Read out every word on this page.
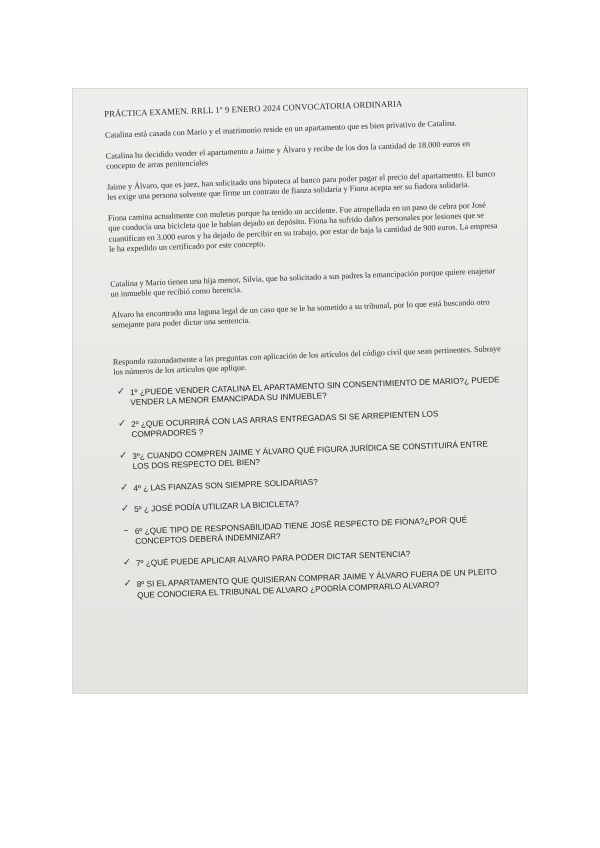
PRÁCTICA EXAMEN. RRLL 1º 9 ENERO 2024 CONVOCATORIA ORDINARIA
Catalina está casada con Mario y el matrimonio reside en un apartamento que es bien privativo de Catalina.
Catalina ha decidido vender el apartamento a Jaime y Álvaro y recibe de los dos la cantidad de 18.000 euros en concepto de arras penitenciales
Jaime y Álvaro, que es juez, han solicitado una hipoteca al banco para poder pagar el precio del apartamento. El banco les exige una persona solvente que firme un contrato de fianza solidaria y Fiona acepta ser su fiadora solidaria.
Fiona camina actualmente con muletas porque ha tenido un accidente. Fue atropellada en un paso de cebra por José que conducía una bicicleta que le habían dejado en depósito. Fiona ha sufrido daños personales por lesiones que se cuantifican en 3.000 euros y ha dejado de percibir en su trabajo, por estar de baja la cantidad de 900 euros. La empresa le ha expedido un certificado por este concepto.
Catalina y Mario tienen una hija menor, Silvia, que ha solicitado a sus padres la emancipación porque quiere enajenar un inmueble que recibió como herencia.
Alvaro ha encontrado una laguna legal de un caso que se le ha sometido a su tribunal, por lo que está buscando otro semejante para poder dictar una sentencia.
Responda razonadamente a las preguntas con aplicación de los artículos del código civil que sean pertinentes. Subraye los números de los artículos que aplique.
✓ 1º ¿PUEDE VENDER CATALINA EL APARTAMENTO SIN CONSENTIMIENTO DE MARIO?¿ PUEDE VENDER LA MENOR EMANCIPADA SU INMUEBLE?
✓ 2º ¿QUE OCURRIRÁ CON LAS ARRAS ENTREGADAS SI SE ARREPIENTEN LOS COMPRADORES ?
✓ 3º¿ CUANDO COMPREN JAIME Y ÁLVARO QUÉ FIGURA JURÍDICA SE CONSTITUIRÁ ENTRE LOS DOS RESPECTO DEL BIEN?
✓ 4º ¿ LAS FIANZAS SON SIEMPRE SOLIDARIAS?
✓ 5º ¿ JOSÉ PODÍA UTILIZAR LA BICICLETA?
– 6º ¿QUE TIPO DE RESPONSABILIDAD TIENE JOSÉ RESPECTO DE FIONA?¿POR QUÉ CONCEPTOS DEBERÁ INDEMNIZAR?
✓ 7º ¿QUÉ PUEDE APLICAR ALVARO PARA PODER DICTAR SENTENCIA?
✓ 8º SI EL APARTAMENTO QUE QUISIERAN COMPRAR JAIME Y ÁLVARO FUERA DE UN PLEITO QUE CONOCIERA EL TRIBUNAL DE ALVARO ¿PODRÍA COMPRARLO ALVARO?
